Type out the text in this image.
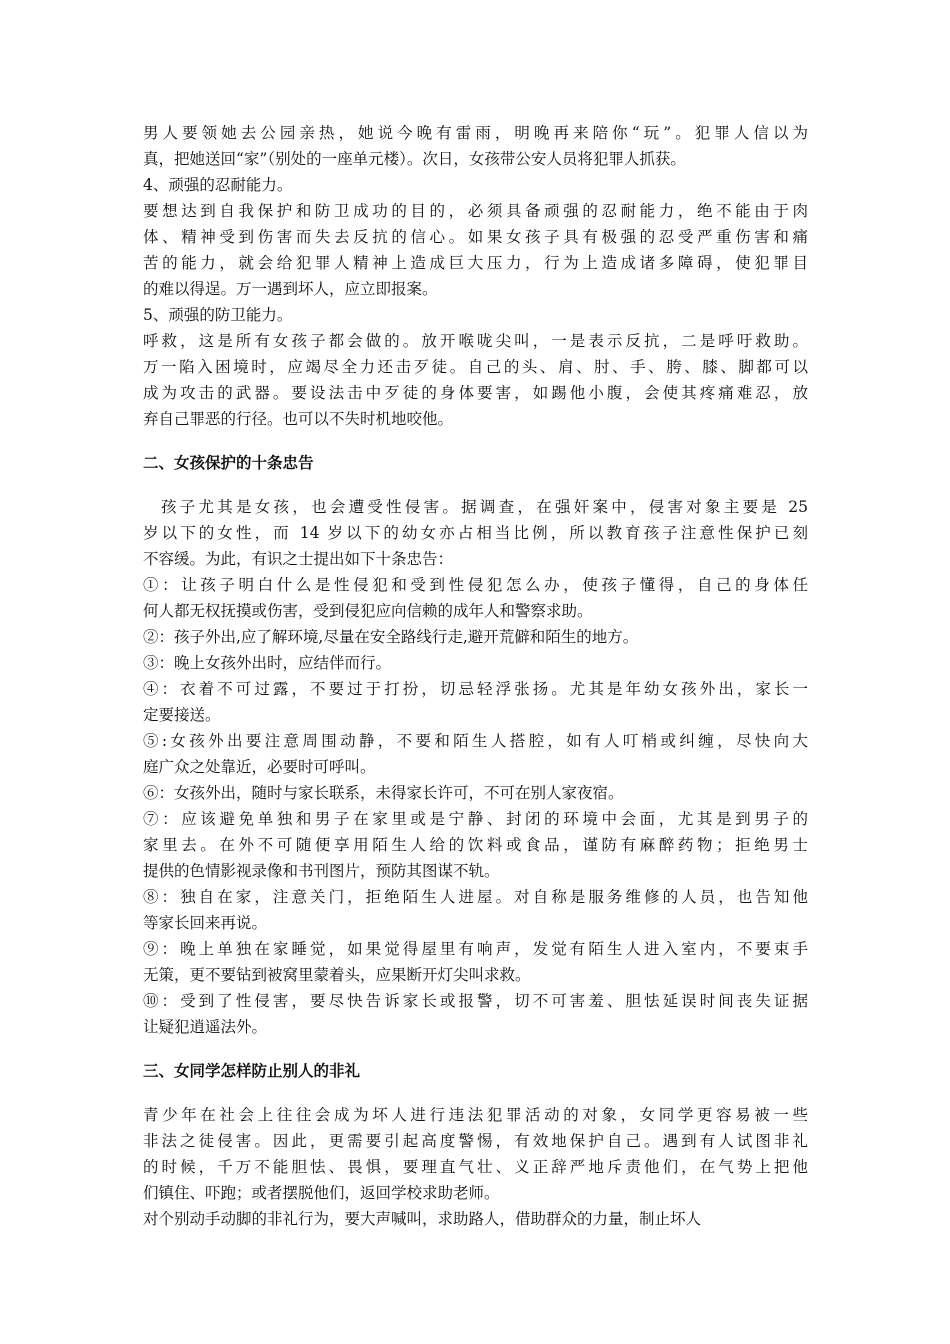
男人要领她去公园亲热，她说今晚有雷雨，明晚再来陪你“玩”。犯罪人信以为
真，把她送回“家”（别处的一座单元楼）。次日，女孩带公安人员将犯罪人抓获。
4、顽强的忍耐能力。
要想达到自我保护和防卫成功的目的，必须具备顽强的忍耐能力，绝不能由于肉
体、精神受到伤害而失去反抗的信心。如果女孩子具有极强的忍受严重伤害和痛
苦的能力，就会给犯罪人精神上造成巨大压力，行为上造成诸多障碍，使犯罪目
的难以得逞。万一遇到坏人，应立即报案。
5、顽强的防卫能力。
呼救，这是所有女孩子都会做的。放开喉咙尖叫，一是表示反抗，二是呼吁救助。
万一陷入困境时，应竭尽全力还击歹徒。自己的头、肩、肘、手、胯、膝、脚都可以
成为攻击的武器。要设法击中歹徒的身体要害，如踢他小腹，会使其疼痛难忍，放
弃自己罪恶的行径。也可以不失时机地咬他。
二、女孩保护的十条忠告
孩子尤其是女孩，也会遭受性侵害。据调查，在强奸案中，侵害对象主要是 25
岁以下的女性，而 14 岁以下的幼女亦占相当比例，所以教育孩子注意性保护已刻
不容缓。为此，有识之士提出如下十条忠告：
①：让孩子明白什么是性侵犯和受到性侵犯怎么办，使孩子懂得，自己的身体任
何人都无权抚摸或伤害，受到侵犯应向信赖的成年人和警察求助。
②：孩子外出,应了解环境,尽量在安全路线行走,避开荒僻和陌生的地方。
③：晚上女孩外出时，应结伴而行。
④：衣着不可过露，不要过于打扮，切忌轻浮张扬。尤其是年幼女孩外出，家长一
定要接送。
⑤:女孩外出要注意周围动静，不要和陌生人搭腔，如有人叮梢或纠缠，尽快向大
庭广众之处靠近，必要时可呼叫。
⑥：女孩外出，随时与家长联系，未得家长许可，不可在别人家夜宿。
⑦：应该避免单独和男子在家里或是宁静、封闭的环境中会面，尤其是到男子的
家里去。在外不可随便享用陌生人给的饮料或食品，谨防有麻醉药物；拒绝男士
提供的色情影视录像和书刊图片，预防其图谋不轨。
⑧：独自在家，注意关门，拒绝陌生人进屋。对自称是服务维修的人员，也告知他
等家长回来再说。
⑨：晚上单独在家睡觉，如果觉得屋里有响声，发觉有陌生人进入室内，不要束手
无策，更不要钻到被窝里蒙着头，应果断开灯尖叫求救。
⑩：受到了性侵害，要尽快告诉家长或报警，切不可害羞、胆怯延误时间丧失证据
让疑犯逍遥法外。
三、女同学怎样防止别人的非礼
青少年在社会上往往会成为坏人进行违法犯罪活动的对象，女同学更容易被一些
非法之徒侵害。因此，更需要引起高度警惕，有效地保护自己。遇到有人试图非礼
的时候，千万不能胆怯、畏惧，要理直气壮、义正辞严地斥责他们，在气势上把他
们镇住、吓跑；或者摆脱他们，返回学校求助老师。
对个别动手动脚的非礼行为，要大声喊叫，求助路人，借助群众的力量，制止坏人
